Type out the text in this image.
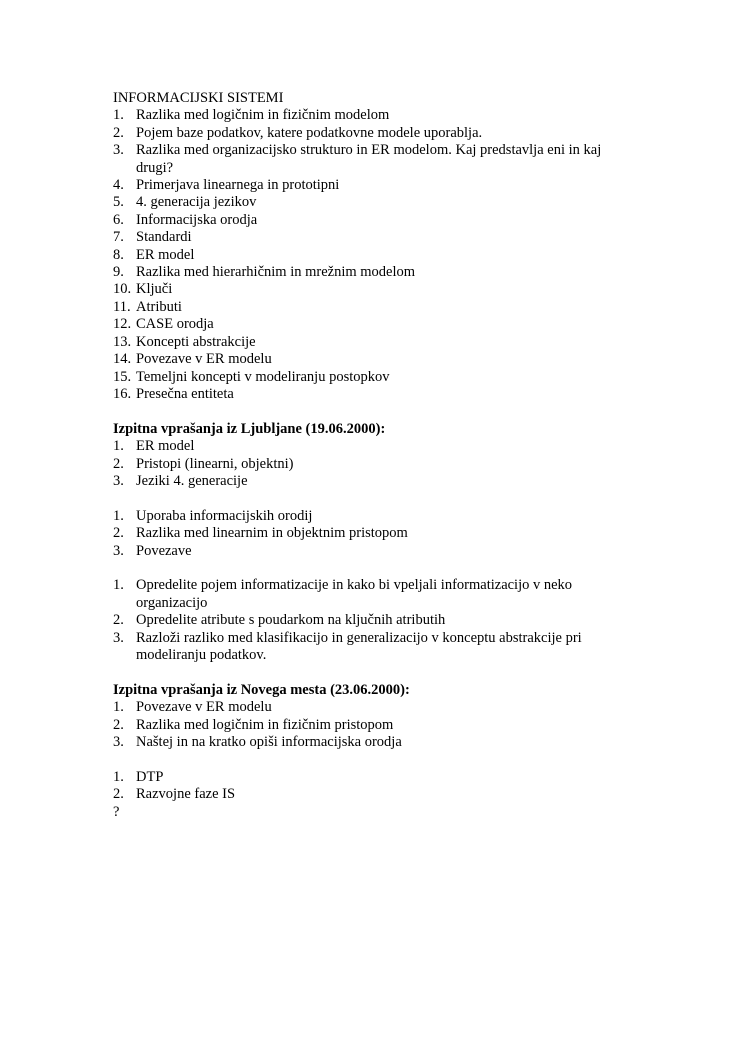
INFORMACIJSKI SISTEMI

1. Razlika med logičnim in fizičnim modelom
2. Pojem baze podatkov, katere podatkovne modele uporablja.
3. Razlika med organizacijsko strukturo in ER modelom. Kaj predstavlja eni in kaj drugi?
4. Primerjava linearnega in prototipni
5. 4. generacija jezikov
6. Informacijska orodja
7. Standardi
8. ER model
9. Razlika med hierarhičnim in mrežnim modelom
10. Ključi
11. Atributi
12. CASE orodja
13. Koncepti abstrakcije
14. Povezave v ER modelu
15. Temeljni koncepti v modeliranju postopkov
16. Presečna entiteta

Izpitna vprašanja iz Ljubljane (19.06.2000):

1. ER model
2. Pristopi (linearni, objektni)
3. Jeziki 4. generacije
1. Uporaba informacijskih orodij
2. Razlika med linearnim in objektnim pristopom
3. Povezave
1. Opredelite pojem informatizacije in kako bi vpeljali informatizacijo v neko organizacijo
2. Opredelite atribute s poudarkom na ključnih atributih
3. Razloži razliko med klasifikacijo in generalizacijo v konceptu abstrakcije pri modeliranju podatkov.

Izpitna vprašanja iz Novega mesta (23.06.2000):

1. Povezave v ER modelu
2. Razlika med logičnim in fizičnim pristopom
3. Naštej in na kratko opiši informacijska orodja
1. DTP
2. Razvojne faze IS

?
